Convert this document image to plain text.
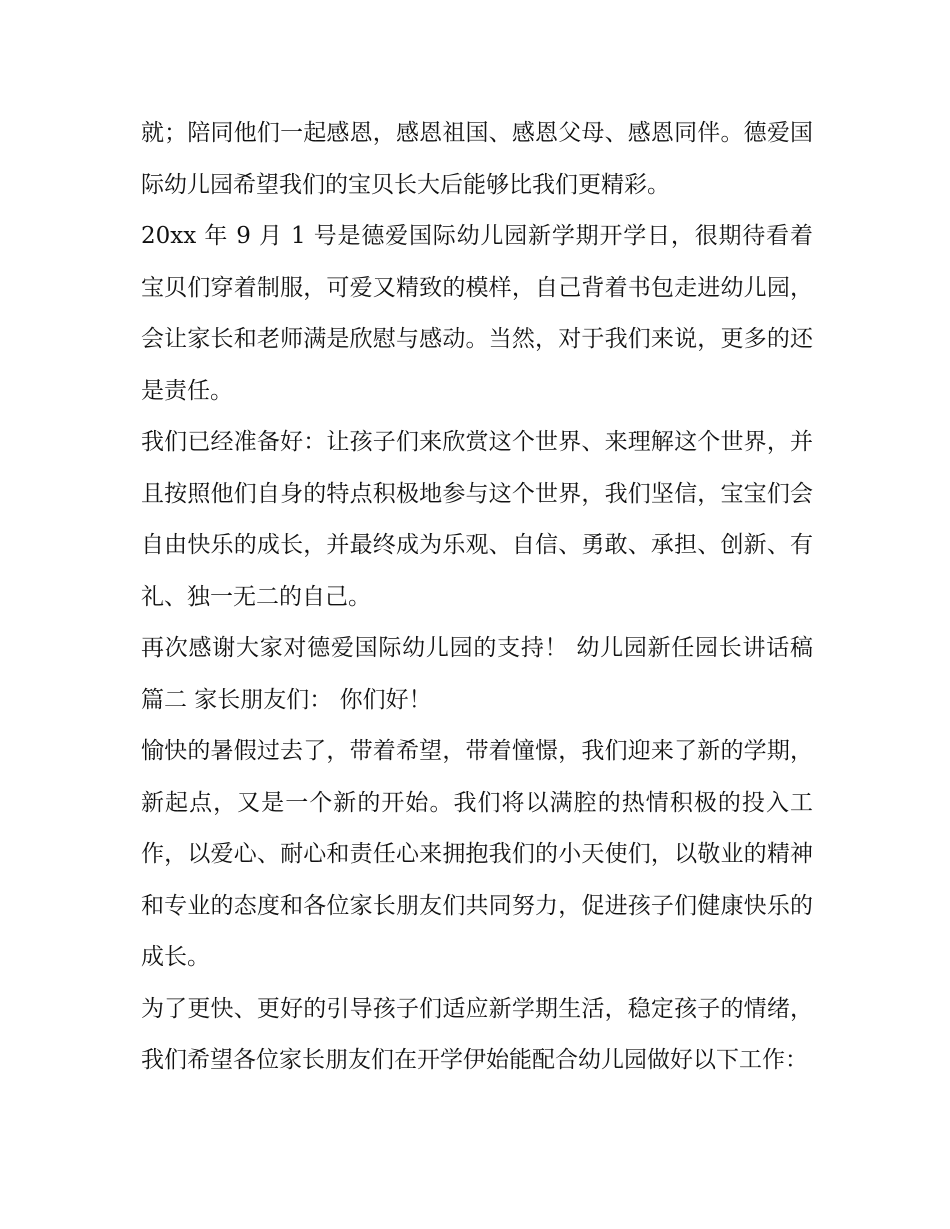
就；陪同他们一起感恩，感恩祖国、感恩父母、感恩同伴。德爱国际幼儿园希望我们的宝贝长大后能够比我们更精彩。

20xx 年 9 月 1 号是德爱国际幼儿园新学期开学日，很期待看着宝贝们穿着制服，可爱又精致的模样，自己背着书包走进幼儿园，会让家长和老师满是欣慰与感动。当然，对于我们来说，更多的还是责任。

我们已经准备好：让孩子们来欣赏这个世界、来理解这个世界，并且按照他们自身的特点积极地参与这个世界，我们坚信，宝宝们会自由快乐的成长，并最终成为乐观、自信、勇敢、承担、创新、有礼、独一无二的自己。

再次感谢大家对德爱国际幼儿园的支持！ 幼儿园新任园长讲话稿篇二 家长朋友们： 你们好！

愉快的暑假过去了，带着希望，带着憧憬，我们迎来了新的学期，新起点，又是一个新的开始。我们将以满腔的热情积极的投入工作，以爱心、耐心和责任心来拥抱我们的小天使们，以敬业的精神和专业的态度和各位家长朋友们共同努力，促进孩子们健康快乐的成长。

为了更快、更好的引导孩子们适应新学期生活，稳定孩子的情绪，我们希望各位家长朋友们在开学伊始能配合幼儿园做好以下工作：
